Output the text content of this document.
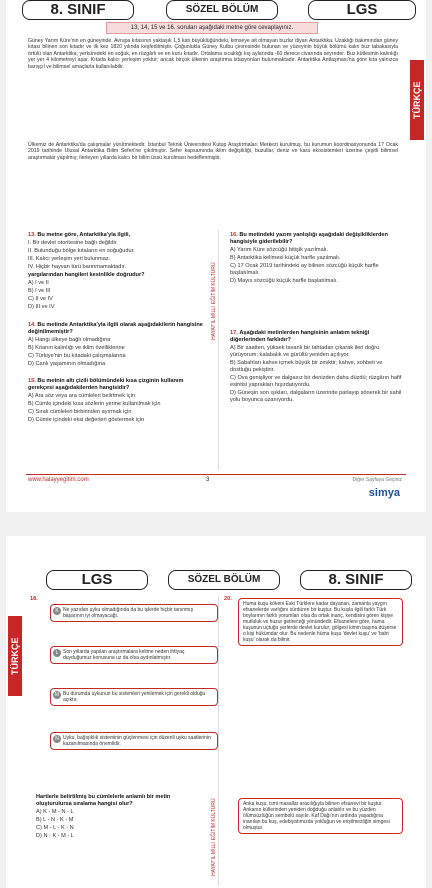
8. SINIF	SÖZEL BÖLÜM	LGS
TÜRKÇE
13, 14, 15 ve 16. soruları aşağıdaki metne göre cevaplayınız.
Güney Yarım Küre'nin en güneyinde, Avrupa kıtasının yaklaşık 1,5 katı büyüklüğündeki, kimseye ait olmayan buzlar diyarı Antarktika. Uzaklığı bakımından güney kıtası bilinen son kıtadır ve ilk kez 1820 yılında keşfedilmiştir. Çoğunlukla Güney Kutbu çevresinde bulunan ve yüzeyinin büyük bölümü kalın buz tabakasıyla örtülü olan Antarktika; yerküredeki en soğuk, en rüzgârlı ve en kuru kıtadır. Ortalama sıcaklığı kış aylarında -60 derece civarında seyreder. Buz kütlesinin kalınlığı yer yer 4 kilometreyi aşar. Kıtada kalıcı yerleşim yoktur; ancak birçok ülkenin araştırma istasyonları bulunmaktadır. Antarktika Antlaşması'na göre kıta yalnızca barışçıl ve bilimsel amaçlarla kullanılabilir.
Ülkemiz de Antarktika'da çalışmalar yürütmektedir. İstanbul Teknik Üniversitesi Kutup Araştırmaları Merkezi kurulmuş, bu kurumun koordinasyonunda 17 Ocak 2019 tarihinde Ulusal Antarktika Bilim Seferi'ne çıkılmıştır. Sefer kapsamında iklim değişikliği, buzullar, deniz ve kara ekosistemleri üzerine çeşitli bilimsel araştırmalar yapılmış; ilerleyen yıllarda kalıcı bir bilim üssü kurulması hedeflenmiştir.
HAYAT'IL MİLLİ EĞİTİM KÜLTÜRÜ
13. Bu metne göre, Antarktika'yla ilgili,
I. Bir devlet otoritesine bağlı değildir.
II. Bulunduğu bölge kıtaların en soğuğudur.
III. Kalıcı yerleşim yeri bulunmaz.
IV. Hiçbir hayvan türü barınmamaktadır.
yargılarından hangileri kesinlikle doğrudur?
A) I ve II
B) I ve III
C) II ve IV
D) III ve IV
14. Bu metinde Antarktika'yla ilgili olarak aşağıdakilerin hangisine değinilmemiştir?
A) Hangi ülkeye bağlı olmadığına
B) Kıtanın kalınlığı ve iklim özelliklerine
C) Türkiye'nin bu kıtadaki çalışmalarına
D) Canlı yaşamının olmadığına
15. Bu metnin altı çizili bölümündeki kısa çizginin kullanım gerekçesi aşağıdakilerden hangisidir?
A) Ara söz veya ara cümleleri belirtmek için
B) Cümle içindeki kısa sözlerin yerine kullanılmak için
C) Sıralı cümleleri birbirinden ayırmak için
D) Cümle içindeki eksi değerleri göstermek için
16. Bu metindeki yazım yanlışlığı aşağıdaki değişikliklerden hangisiyle giderilebilir?
A) Yarım Küre sözcüğü bitişik yazılmalı.
B) Antarktika kelimesi küçük harfle yazılmalı.
C) 17 Ocak 2019 tarihindeki ay bilinen sözcüğü küçük harfle başlatılmalı.
D) Mayıs sözcüğü küçük harfle başlatılmalı.
17. Aşağıdaki metinlerden hangisinin anlatım tekniği diğerlerinden farklıdır?
A) Bir saatten, yüksek tavanlı bir tahtadan çıkarak ileri doğru yürüyorum; kalabalık ve gürültü yeniden açılıyor.
B) Sabahları kahve içmek büyük bir zevktir; kahve, sohbeti ve dostluğu pekiştirir.
C) Ova genişliyor ve dalgasız bir denizden daha düzdü; rüzgârın hafif esintisi yaprakları hışırdatıyordu.
D) Güneşin son ışıkları, dalgaların üzerinde parlayıp sönerek bir sahil yolu boyunca uzanıyordu.
www.halayyegitim.com	3	Diğer Sayfaya Geçiniz
simya
LGS	SÖZEL BÖLÜM	8. SINIF
TÜRKÇE
18.
K Ne yazıdan uyku olmadığında da bu işlerde hiçbir tanınmış başarının iyi olmayacağı.
L Son yıllarda yapılan araştırmalara kelime neden ihtiyaç duyduğumuz konusuna uz da olsa aydınlatmıştır.
M Bu durumda uykunun bu sistemleri yenilemek için gerekli olduğu açıktır.
N Uyku, bağışıklık sisteminin güçlenmesi için düzenli uyku saatlerinin kazanılmasında önemlidir.
Hartlerle belirtilmiş bu cümlelerle anlamlı bir metin oluşturulursa sıralama hangisi olur?
A) K - M - N - L
B) L - N - K - M
C) M - L - K - N
D) N - K - M - L	HAYAT'IL MİLLİ EĞİTİM KÜLTÜRÜ
20.
Huma kuşu kökeni Eski Türklere kadar dayanan, zamanla yaygın efsanelerde varlığını sürdüren bir kuştur. Bu kuşla ilgili farklı Türk boylarının farklı yorumları olsa da ortak inanç, kendisini gören kişiye mutluluk ve huzur getireceği yönündedir. Efsanelere göre, huma kuşunun uçtuğu yerlerde devlet kurulur; gölgesi kimin başına düşerse o kişi hükümdar olur. Bu nedenle hüma kuşu 'devlet kuşu' ve 'baht kuşu' olarak da bilinir.
Anka kuşu, ismi masallar aracılığıyla bilinen efsanevi bir kuştur. Ankanın küllerinden yeniden doğduğu anlatılır ve bu yüzden ölümsüzlüğün sembolü sayılır. Kaf Dağı'nın ardında yaşadığına inanılan bu kuş, edebiyatımızda yokluğun ve erişilmezliğin simgesi olmuştur.
